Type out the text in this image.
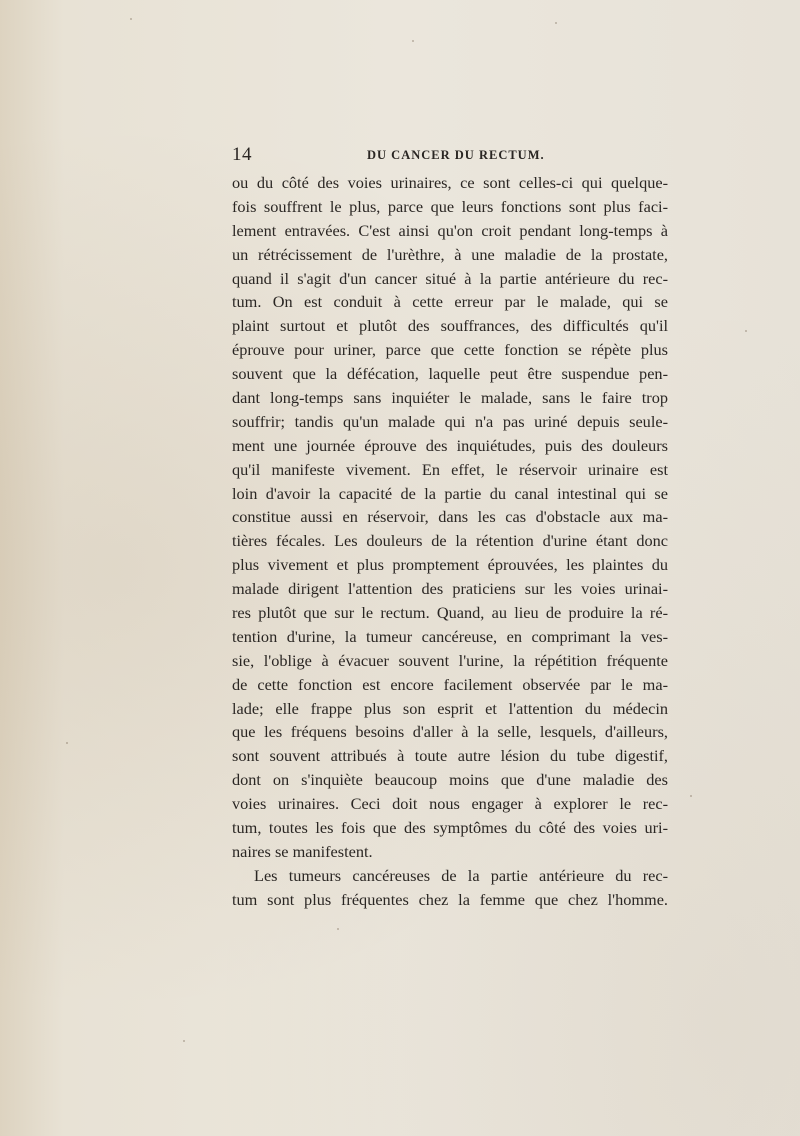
14	DU CANCER DU RECTUM.
ou du côté des voies urinaires, ce sont celles-ci qui quelque-
fois souffrent le plus, parce que leurs fonctions sont plus faci-
lement entravées. C'est ainsi qu'on croit pendant long-temps à
un rétrécissement de l'urèthre, à une maladie de la prostate,
quand il s'agit d'un cancer situé à la partie antérieure du rec-
tum. On est conduit à cette erreur par le malade, qui se
plaint surtout et plutôt des souffrances, des difficultés qu'il
éprouve pour uriner, parce que cette fonction se répète plus
souvent que la défécation, laquelle peut être suspendue pen-
dant long-temps sans inquiéter le malade, sans le faire trop
souffrir; tandis qu'un malade qui n'a pas uriné depuis seule-
ment une journée éprouve des inquiétudes, puis des douleurs
qu'il manifeste vivement. En effet, le réservoir urinaire est
loin d'avoir la capacité de la partie du canal intestinal qui se
constitue aussi en réservoir, dans les cas d'obstacle aux ma-
tières fécales. Les douleurs de la rétention d'urine étant donc
plus vivement et plus promptement éprouvées, les plaintes du
malade dirigent l'attention des praticiens sur les voies urinai-
res plutôt que sur le rectum. Quand, au lieu de produire la ré-
tention d'urine, la tumeur cancéreuse, en comprimant la ves-
sie, l'oblige à évacuer souvent l'urine, la répétition fréquente
de cette fonction est encore facilement observée par le ma-
lade; elle frappe plus son esprit et l'attention du médecin
que les fréquens besoins d'aller à la selle, lesquels, d'ailleurs,
sont souvent attribués à toute autre lésion du tube digestif,
dont on s'inquiète beaucoup moins que d'une maladie des
voies urinaires. Ceci doit nous engager à explorer le rec-
tum, toutes les fois que des symptômes du côté des voies uri-
naires se manifestent.
Les tumeurs cancéreuses de la partie antérieure du rec-
tum sont plus fréquentes chez la femme que chez l'homme.
